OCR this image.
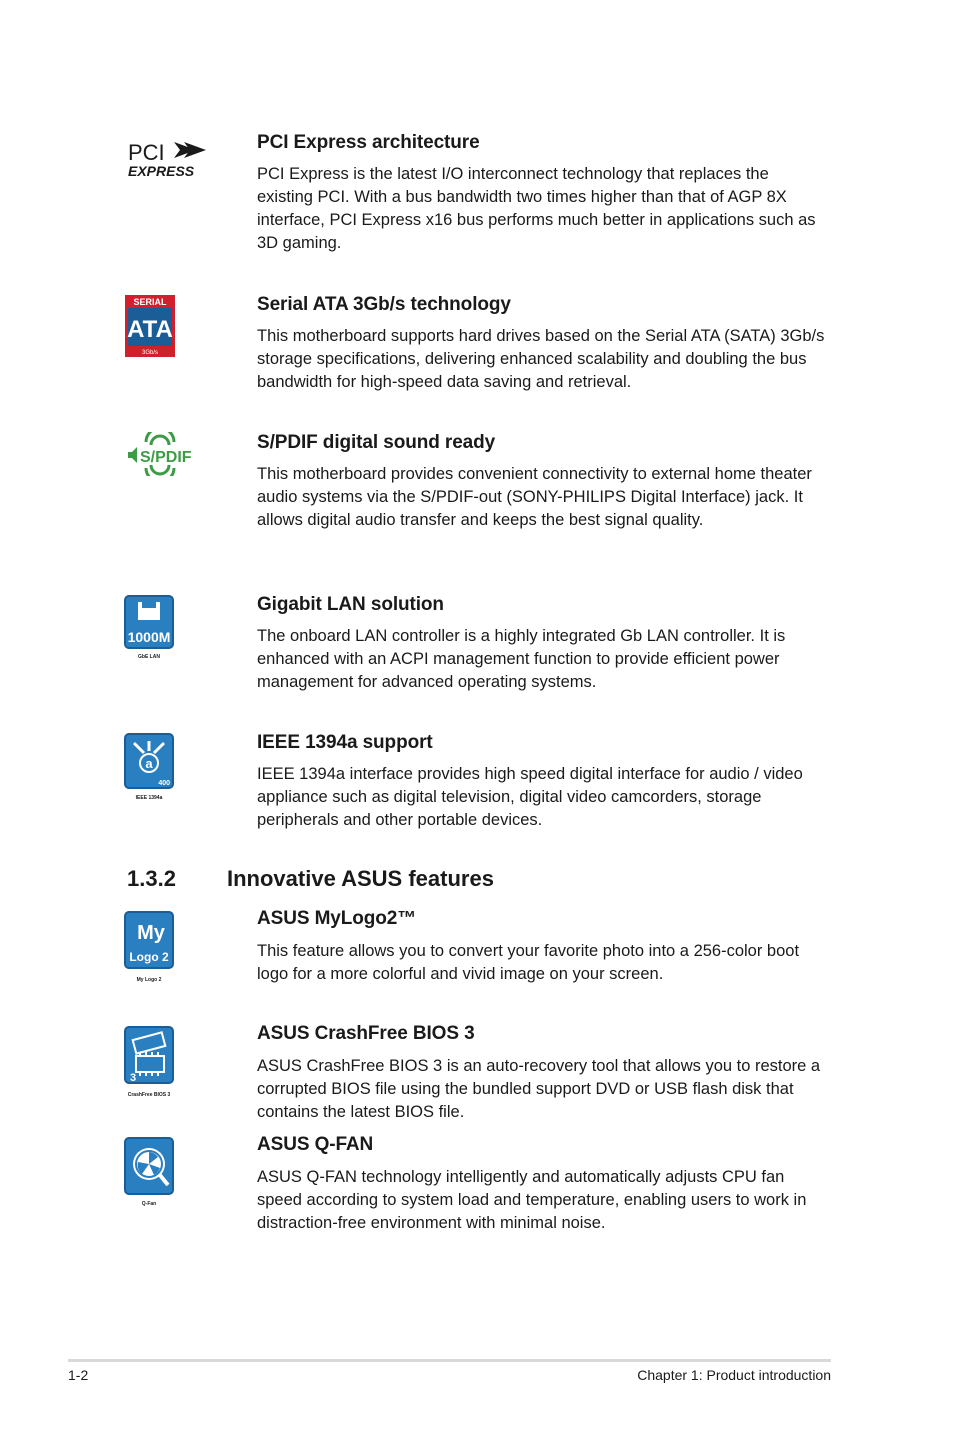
PCI
EXPRESS
PCI Express architecture

PCI Express is the latest I/O interconnect technology that replaces the existing PCI. With a bus bandwidth two times higher than that of AGP 8X interface, PCI Express x16 bus performs much better in applications such as 3D gaming.

SERIAL
ATA
3Gb/s
Serial ATA 3Gb/s technology

This motherboard supports hard drives based on the Serial ATA (SATA) 3Gb/s storage specifications, delivering enhanced scalability and doubling the bus bandwidth for high-speed data saving and retrieval.

S/PDIF
S/PDIF digital sound ready

This motherboard provides convenient connectivity to external home theater audio systems via the S/PDIF-out (SONY-PHILIPS Digital Interface) jack. It allows digital audio transfer and keeps the best signal quality.

1000M
GbE LAN
Gigabit LAN solution

The onboard LAN controller is a highly integrated Gb LAN controller. It is enhanced with an ACPI management function to provide efficient power management for advanced operating systems.

a
400
IEEE 1394a
IEEE 1394a support

IEEE 1394a interface provides high speed digital interface for audio / video appliance such as digital television, digital video camcorders, storage peripherals and other portable devices.

1.3.2 Innovative ASUS features
My
Logo 2
My Logo 2
ASUS MyLogo2™

This feature allows you to convert your favorite photo into a 256-color boot logo for a more colorful and vivid image on your screen.

3
CrashFree BIOS 3
ASUS CrashFree BIOS 3

ASUS CrashFree BIOS 3 is an auto-recovery tool that allows you to restore a corrupted BIOS file using the bundled support DVD or USB flash disk that contains the latest BIOS file.

Q-Fan
ASUS Q-FAN

ASUS Q-FAN technology intelligently and automatically adjusts CPU fan speed according to system load and temperature, enabling users to work in distraction-free environment with minimal noise.

1-2	Chapter 1: Product introduction
